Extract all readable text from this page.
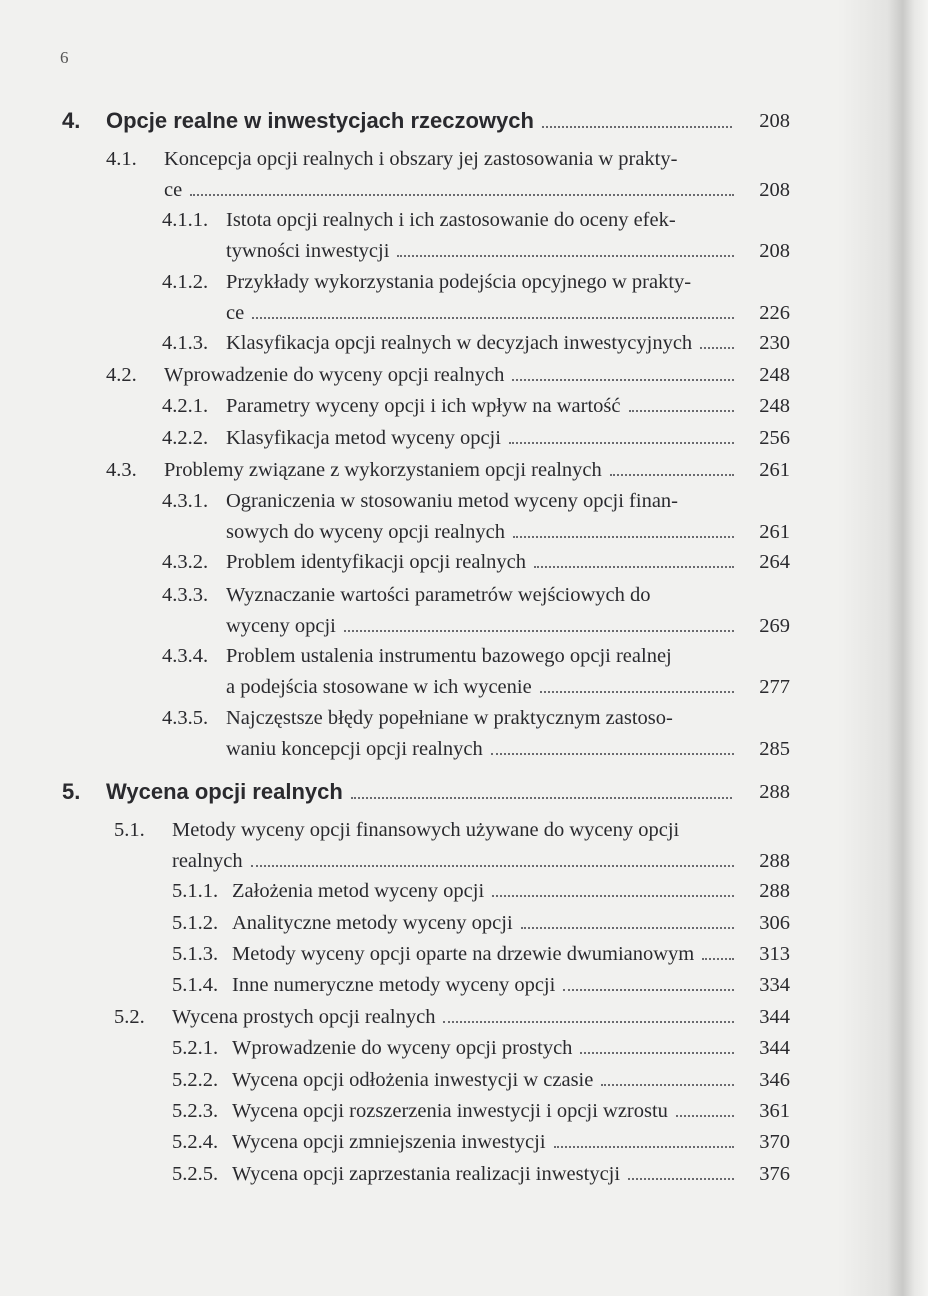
6
4. Opcje realne w inwestycjach rzeczowych	208
4.1. Koncepcja opcji realnych i obszary jej zastosowania w prakty-
ce	208
4.1.1. Istota opcji realnych i ich zastosowanie do oceny efek-
tywności inwestycji	208
4.1.2. Przykłady wykorzystania podejścia opcyjnego w prakty-
ce	226
4.1.3. Klasyfikacja opcji realnych w decyzjach inwestycyjnych	230
4.2. Wprowadzenie do wyceny opcji realnych	248
4.2.1. Parametry wyceny opcji i ich wpływ na wartość	248
4.2.2. Klasyfikacja metod wyceny opcji	256
4.3. Problemy związane z wykorzystaniem opcji realnych	261
4.3.1. Ograniczenia w stosowaniu metod wyceny opcji finan-
sowych do wyceny opcji realnych	261
4.3.2. Problem identyfikacji opcji realnych	264
4.3.3. Wyznaczanie wartości parametrów wejściowych do
wyceny opcji	269
4.3.4. Problem ustalenia instrumentu bazowego opcji realnej
a podejścia stosowane w ich wycenie	277
4.3.5. Najczęstsze błędy popełniane w praktycznym zastoso-
waniu koncepcji opcji realnych	285
5. Wycena opcji realnych	288
5.1. Metody wyceny opcji finansowych używane do wyceny opcji
realnych	288
5.1.1. Założenia metod wyceny opcji	288
5.1.2. Analityczne metody wyceny opcji	306
5.1.3. Metody wyceny opcji oparte na drzewie dwumianowym	313
5.1.4. Inne numeryczne metody wyceny opcji	334
5.2. Wycena prostych opcji realnych	344
5.2.1. Wprowadzenie do wyceny opcji prostych	344
5.2.2. Wycena opcji odłożenia inwestycji w czasie	346
5.2.3. Wycena opcji rozszerzenia inwestycji i opcji wzrostu	361
5.2.4. Wycena opcji zmniejszenia inwestycji	370
5.2.5. Wycena opcji zaprzestania realizacji inwestycji	376
